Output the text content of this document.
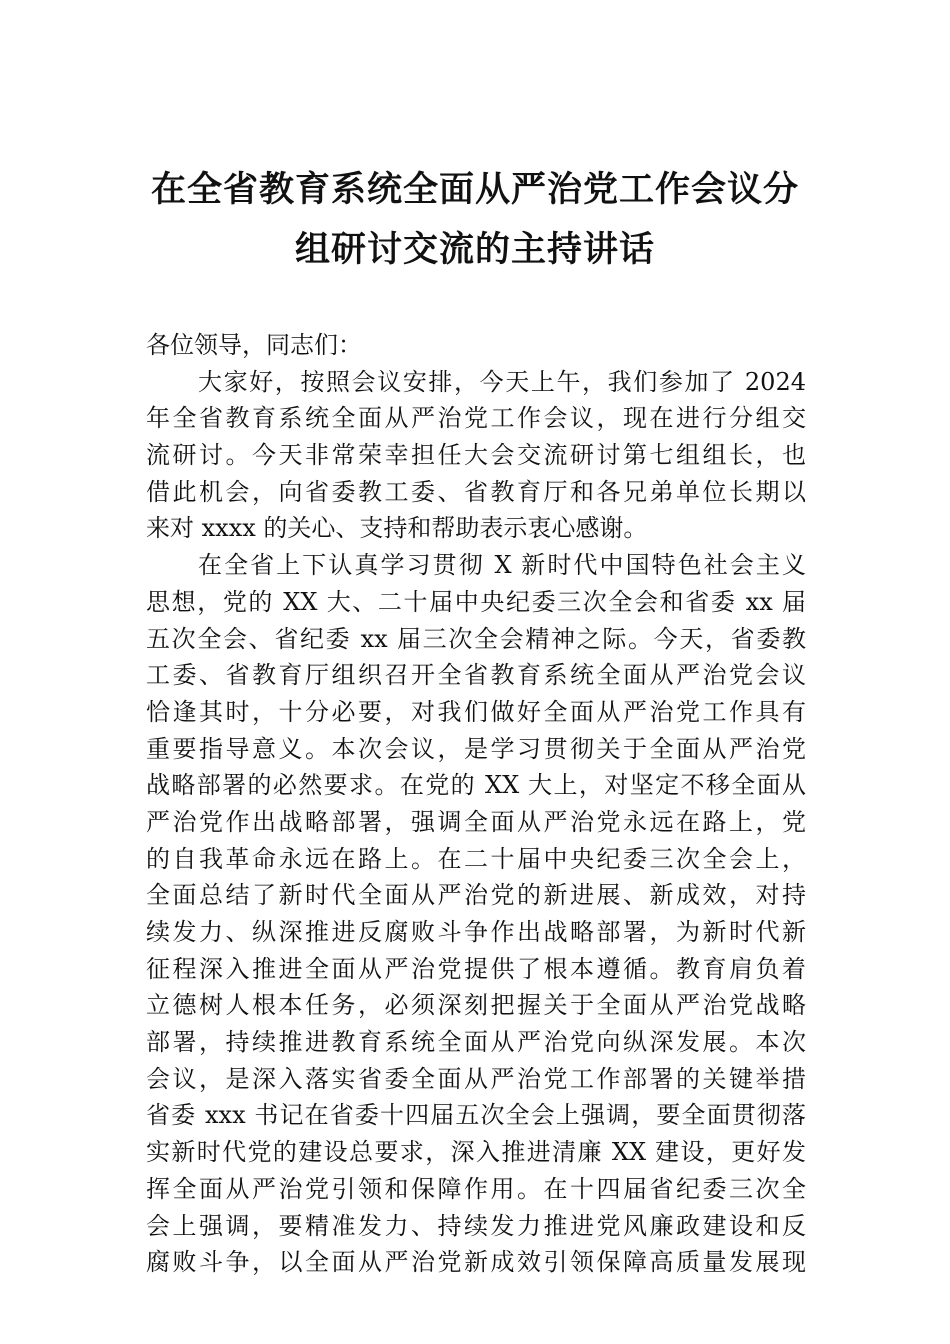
在全省教育系统全面从严治党工作会议分
组研讨交流的主持讲话
各位领导，同志们：
大家好，按照会议安排，今天上午，我们参加了 2024
年全省教育系统全面从严治党工作会议，现在进行分组交
流研讨。今天非常荣幸担任大会交流研讨第七组组长，也
借此机会，向省委教工委、省教育厅和各兄弟单位长期以
来对 xxxx 的关心、支持和帮助表示衷心感谢。
在全省上下认真学习贯彻 X 新时代中国特色社会主义
思想，党的 XX 大、二十届中央纪委三次全会和省委 xx 届
五次全会、省纪委 xx 届三次全会精神之际。今天，省委教
工委、省教育厅组织召开全省教育系统全面从严治党会议
恰逢其时，十分必要，对我们做好全面从严治党工作具有
重要指导意义。本次会议，是学习贯彻关于全面从严治党
战略部署的必然要求。在党的 XX 大上，对坚定不移全面从
严治党作出战略部署，强调全面从严治党永远在路上，党
的自我革命永远在路上。在二十届中央纪委三次全会上，
全面总结了新时代全面从严治党的新进展、新成效，对持
续发力、纵深推进反腐败斗争作出战略部署，为新时代新
征程深入推进全面从严治党提供了根本遵循。教育肩负着
立德树人根本任务，必须深刻把握关于全面从严治党战略
部署，持续推进教育系统全面从严治党向纵深发展。本次
会议，是深入落实省委全面从严治党工作部署的关键举措
省委 xxx 书记在省委十四届五次全会上强调，要全面贯彻落
实新时代党的建设总要求，深入推进清廉 XX 建设，更好发
挥全面从严治党引领和保障作用。在十四届省纪委三次全
会上强调，要精准发力、持续发力推进党风廉政建设和反
腐败斗争，以全面从严治党新成效引领保障高质量发展现
